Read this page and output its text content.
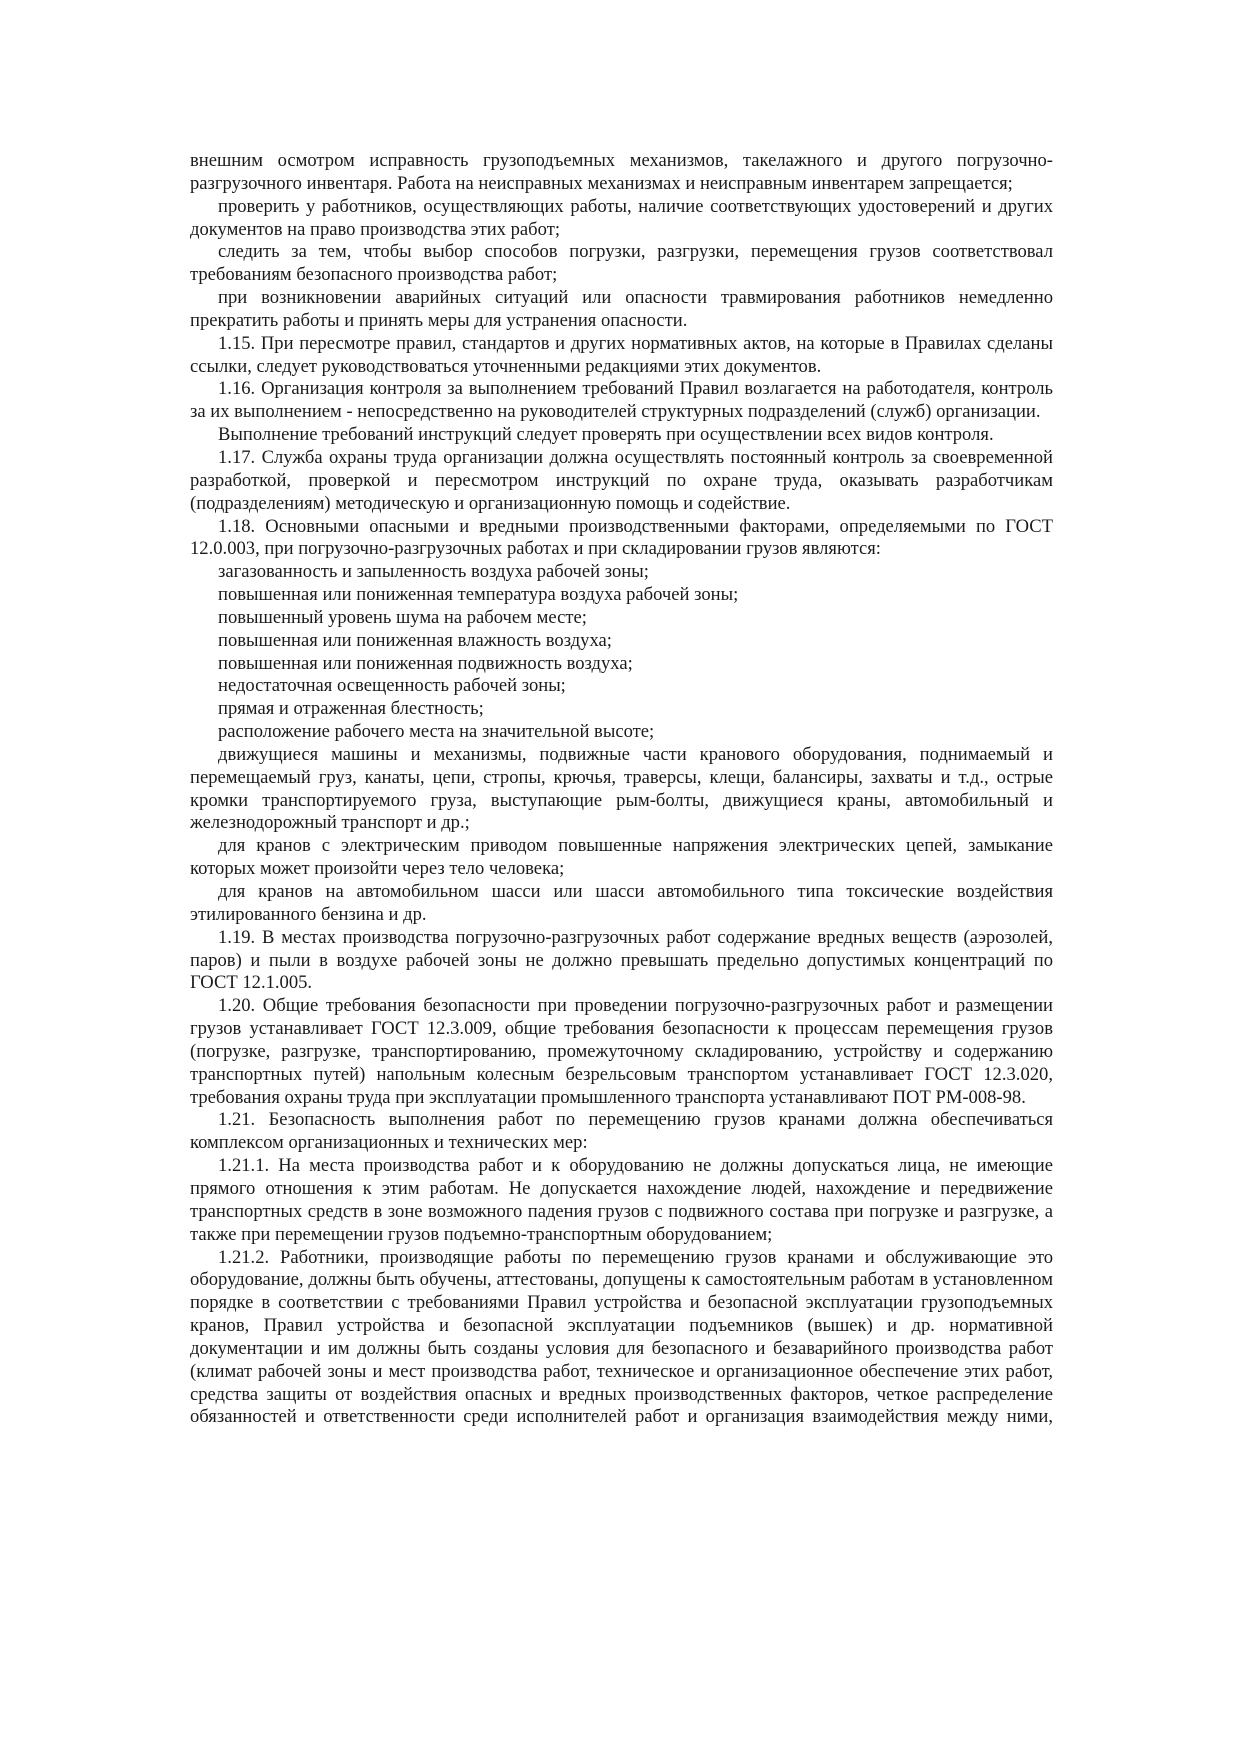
внешним осмотром исправность грузоподъемных механизмов, такелажного и другого погрузочно-разгрузочного инвентаря. Работа на неисправных механизмах и неисправным инвентарем запрещается;

проверить у работников, осуществляющих работы, наличие соответствующих удостоверений и других документов на право производства этих работ;

следить за тем, чтобы выбор способов погрузки, разгрузки, перемещения грузов соответствовал требованиям безопасного производства работ;

при возникновении аварийных ситуаций или опасности травмирования работников немедленно прекратить работы и принять меры для устранения опасности.

1.15. При пересмотре правил, стандартов и других нормативных актов, на которые в Правилах сделаны ссылки, следует руководствоваться уточненными редакциями этих документов.

1.16. Организация контроля за выполнением требований Правил возлагается на работодателя, контроль за их выполнением - непосредственно на руководителей структурных подразделений (служб) организации.

Выполнение требований инструкций следует проверять при осуществлении всех видов контроля.

1.17. Служба охраны труда организации должна осуществлять постоянный контроль за своевременной разработкой, проверкой и пересмотром инструкций по охране труда, оказывать разработчикам (подразделениям) методическую и организационную помощь и содействие.

1.18. Основными опасными и вредными производственными факторами, определяемыми по ГОСТ 12.0.003, при погрузочно-разгрузочных работах и при складировании грузов являются:

загазованность и запыленность воздуха рабочей зоны;

повышенная или пониженная температура воздуха рабочей зоны;

повышенный уровень шума на рабочем месте;

повышенная или пониженная влажность воздуха;

повышенная или пониженная подвижность воздуха;

недостаточная освещенность рабочей зоны;

прямая и отраженная блестность;

расположение рабочего места на значительной высоте;

движущиеся машины и механизмы, подвижные части кранового оборудования, поднимаемый и перемещаемый груз, канаты, цепи, стропы, крючья, траверсы, клещи, балансиры, захваты и т.д., острые кромки транспортируемого груза, выступающие рым-болты, движущиеся краны, автомобильный и железнодорожный транспорт и др.;

для кранов с электрическим приводом повышенные напряжения электрических цепей, замыкание которых может произойти через тело человека;

для кранов на автомобильном шасси или шасси автомобильного типа токсические воздействия этилированного бензина и др.

1.19. В местах производства погрузочно-разгрузочных работ содержание вредных веществ (аэрозолей, паров) и пыли в воздухе рабочей зоны не должно превышать предельно допустимых концентраций по ГОСТ 12.1.005.

1.20. Общие требования безопасности при проведении погрузочно-разгрузочных работ и размещении грузов устанавливает ГОСТ 12.3.009, общие требования безопасности к процессам перемещения грузов (погрузке, разгрузке, транспортированию, промежуточному складированию, устройству и содержанию транспортных путей) напольным колесным безрельсовым транспортом устанавливает ГОСТ 12.3.020, требования охраны труда при эксплуатации промышленного транспорта устанавливают ПОТ РМ-008-98.

1.21. Безопасность выполнения работ по перемещению грузов кранами должна обеспечиваться комплексом организационных и технических мер:

1.21.1. На места производства работ и к оборудованию не должны допускаться лица, не имеющие прямого отношения к этим работам. Не допускается нахождение людей, нахождение и передвижение транспортных средств в зоне возможного падения грузов с подвижного состава при погрузке и разгрузке, а также при перемещении грузов подъемно-транспортным оборудованием;

1.21.2. Работники, производящие работы по перемещению грузов кранами и обслуживающие это оборудование, должны быть обучены, аттестованы, допущены к самостоятельным работам в установленном порядке в соответствии с требованиями Правил устройства и безопасной эксплуатации грузоподъемных кранов, Правил устройства и безопасной эксплуатации подъемников (вышек) и др. нормативной документации и им должны быть созданы условия для безопасного и безаварийного производства работ (климат рабочей зоны и мест производства работ, техническое и организационное обеспечение этих работ, средства защиты от воздействия опасных и вредных производственных факторов, четкое распределение обязанностей и ответственности среди исполнителей работ и организация взаимодействия между ними,
